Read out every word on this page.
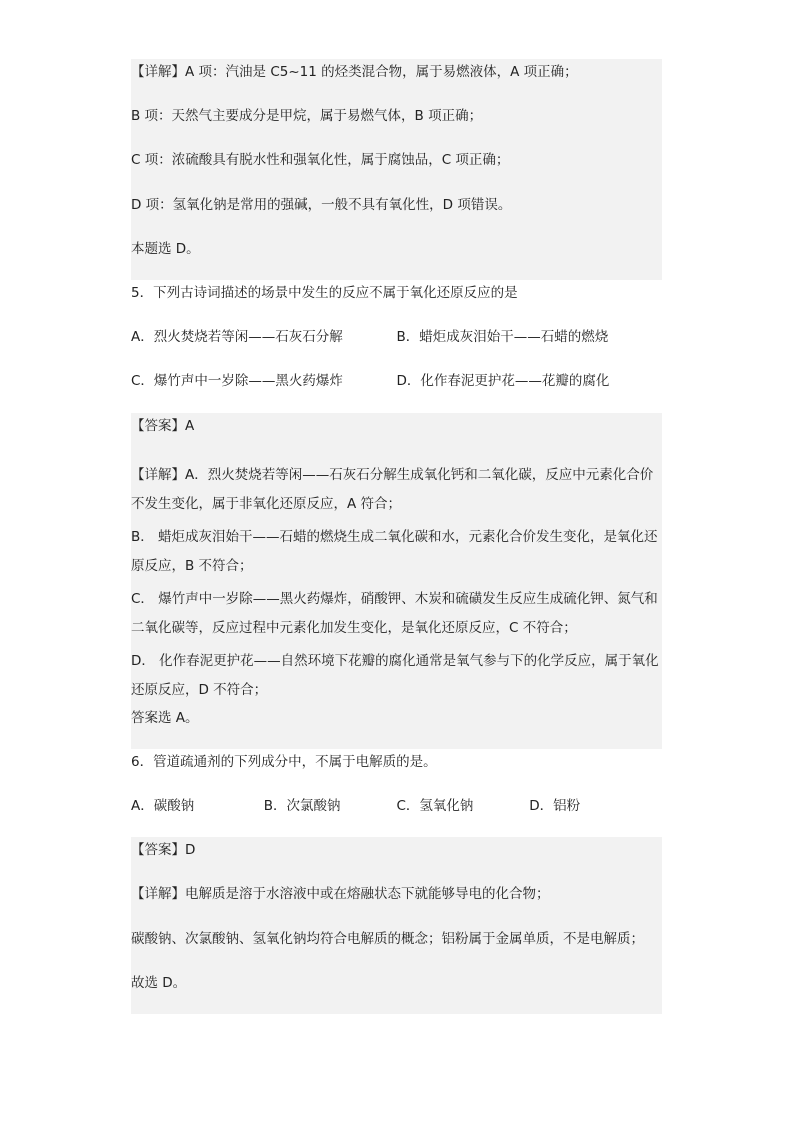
【详解】A 项：汽油是 C5~11 的烃类混合物，属于易燃液体，A 项正确；
B 项：天然气主要成分是甲烷，属于易燃气体，B 项正确；
C 项：浓硫酸具有脱水性和强氧化性，属于腐蚀品，C 项正确；
D 项：氢氧化钠是常用的强碱，一般不具有氧化性，D 项错误。
本题选 D。
5．下列古诗词描述的场景中发生的反应不属于氧化还原反应的是
A．烈火焚烧若等闲——石灰石分解	B．蜡炬成灰泪始干——石蜡的燃烧
C．爆竹声中一岁除——黑火药爆炸	D．化作春泥更护花——花瓣的腐化
【答案】A
【详解】A．烈火焚烧若等闲——石灰石分解生成氧化钙和二氧化碳，反应中元素化合价不发生变化，属于非氧化还原反应，A 符合；
B． 蜡炬成灰泪始干——石蜡的燃烧生成二氧化碳和水，元素化合价发生变化，是氧化还原反应，B 不符合；
C． 爆竹声中一岁除——黑火药爆炸，硝酸钾、木炭和硫磺发生反应生成硫化钾、氮气和二氧化碳等，反应过程中元素化加发生变化，是氧化还原反应，C 不符合；
D． 化作春泥更护花——自然环境下花瓣的腐化通常是氧气参与下的化学反应，属于氧化还原反应，D 不符合；
答案选 A。
6．管道疏通剂的下列成分中，不属于电解质的是。
A．碳酸钠	B．次氯酸钠	C．氢氧化钠	D．铝粉
【答案】D
【详解】电解质是溶于水溶液中或在熔融状态下就能够导电的化合物；
碳酸钠、次氯酸钠、氢氧化钠均符合电解质的概念；铝粉属于金属单质，不是电解质；
故选 D。
